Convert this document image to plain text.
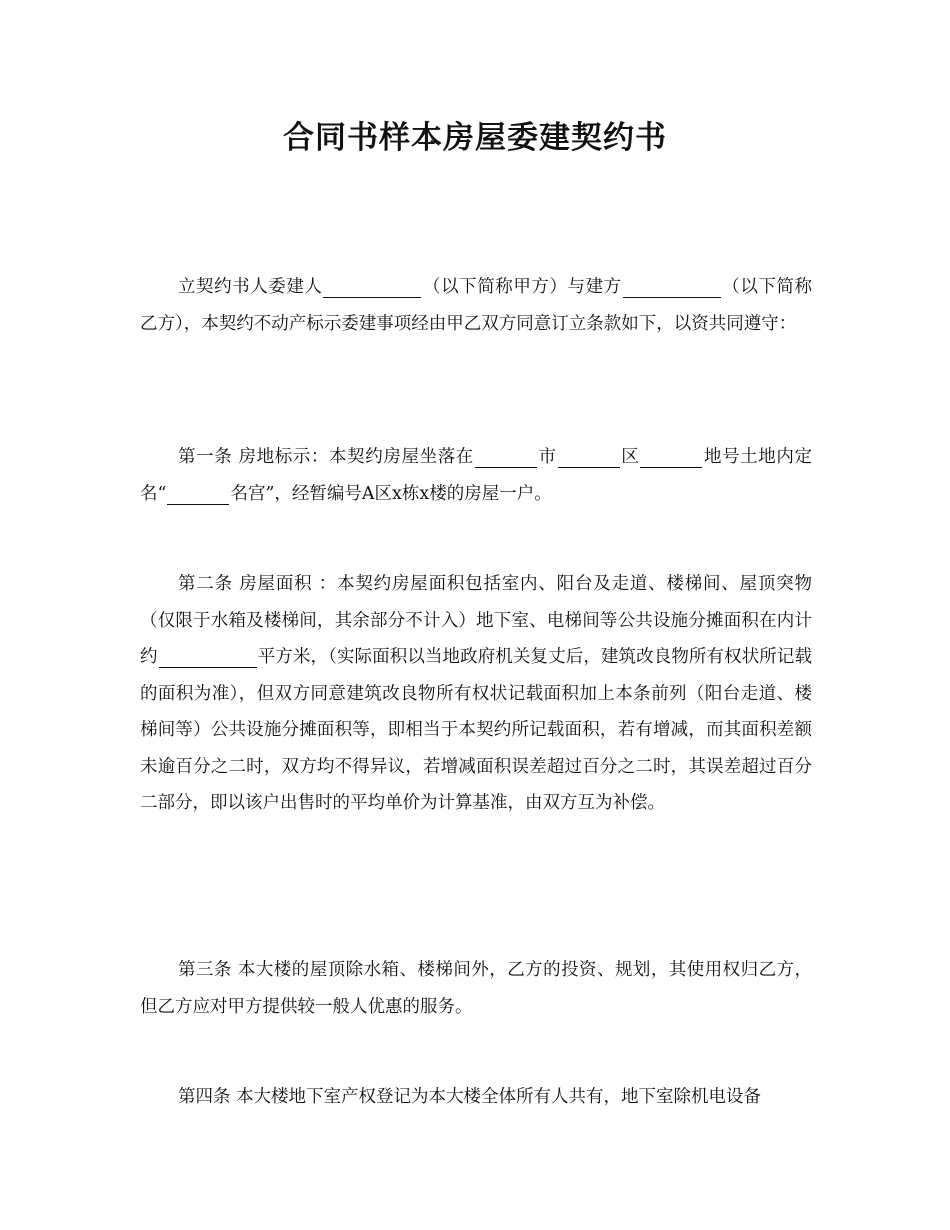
合同书样本房屋委建契约书

立契约书人委建人	（以下简称甲方）与建方	（以下简称乙方），本契约不动产标示委建事项经由甲乙双方同意订立条款如下，以资共同遵守：

第一条 房地标示：本契约房屋坐落在	市	区	地号土地内定名“	名宫”，经暂编号A区x栋x楼的房屋一户。

第二条 房屋面积 ：本契约房屋面积包括室内、阳台及走道、楼梯间、屋顶突物（仅限于水箱及楼梯间，其余部分不计入）地下室、电梯间等公共设施分摊面积在内计约	平方米，（实际面积以当地政府机关复丈后，建筑改良物所有权状所记载的面积为准），但双方同意建筑改良物所有权状记载面积加上本条前列（阳台走道、楼梯间等）公共设施分摊面积等，即相当于本契约所记载面积，若有增减，而其面积差额未逾百分之二时，双方均不得异议，若增减面积误差超过百分之二时，其误差超过百分二部分，即以该户出售时的平均单价为计算基准，由双方互为补偿。

第三条 本大楼的屋顶除水箱、楼梯间外，乙方的投资、规划，其使用权归乙方，但乙方应对甲方提供较一般人优惠的服务。

第四条 本大楼地下室产权登记为本大楼全体所有人共有，地下室除机电设备
